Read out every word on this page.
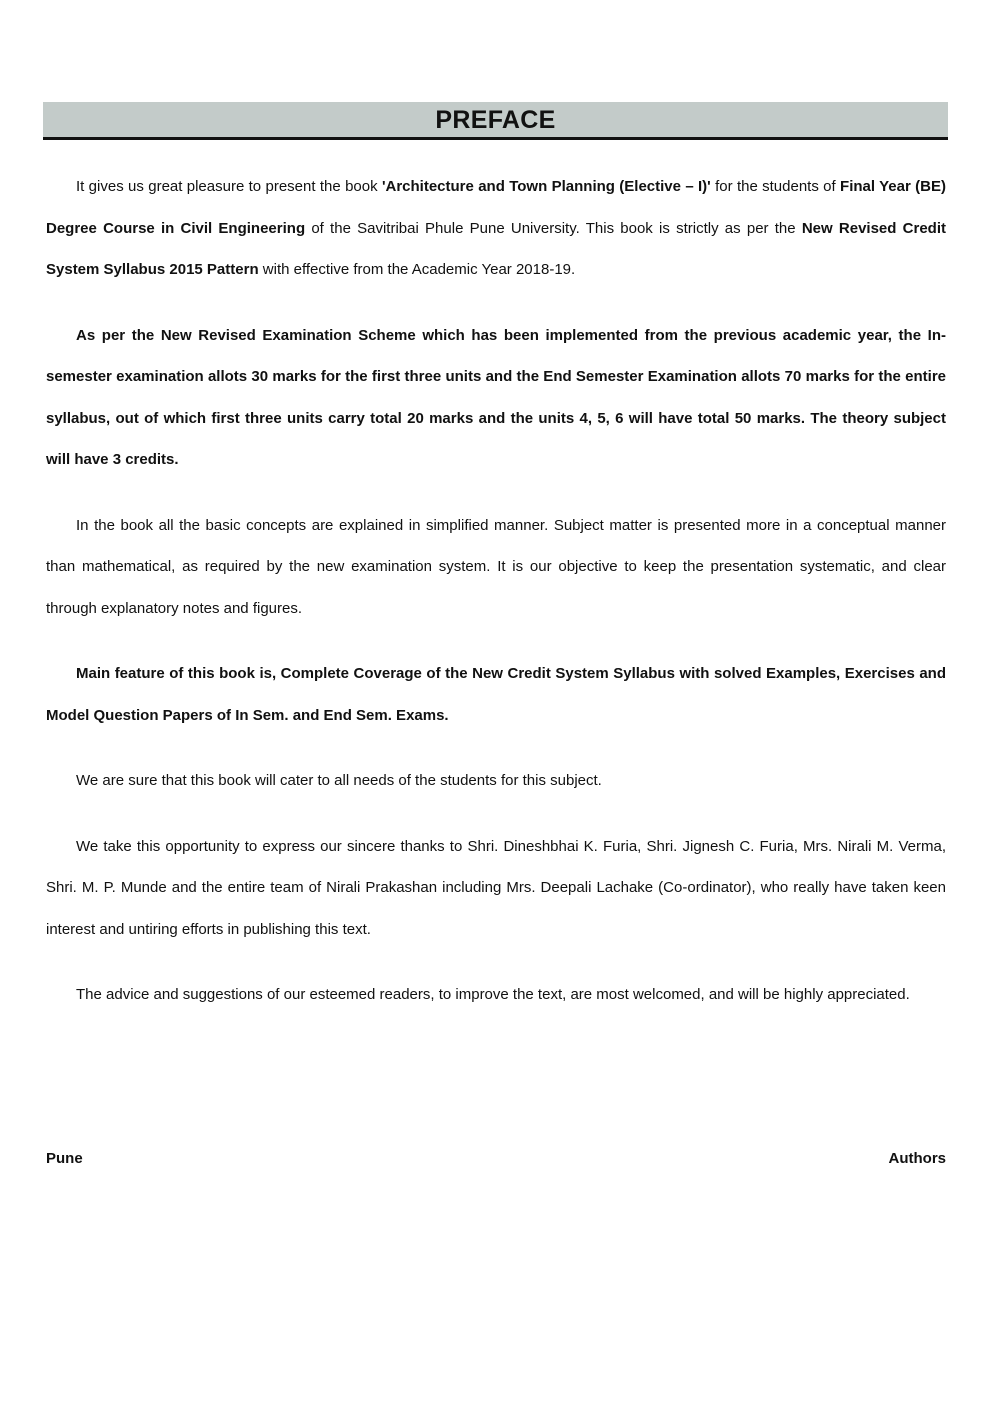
PREFACE

It gives us great pleasure to present the book 'Architecture and Town Planning (Elective – I)' for the students of Final Year (BE) Degree Course in Civil Engineering of the Savitribai Phule Pune University. This book is strictly as per the New Revised Credit System Syllabus 2015 Pattern with effective from the Academic Year 2018-19.

As per the New Revised Examination Scheme which has been implemented from the previous academic year, the In-semester examination allots 30 marks for the first three units and the End Semester Examination allots 70 marks for the entire syllabus, out of which first three units carry total 20 marks and the units 4, 5, 6 will have total 50 marks. The theory subject will have 3 credits.

In the book all the basic concepts are explained in simplified manner. Subject matter is presented more in a conceptual manner than mathematical, as required by the new examination system. It is our objective to keep the presentation systematic, and clear through explanatory notes and figures.

Main feature of this book is, Complete Coverage of the New Credit System Syllabus with solved Examples, Exercises and Model Question Papers of In Sem. and End Sem. Exams.

We are sure that this book will cater to all needs of the students for this subject.

We take this opportunity to express our sincere thanks to Shri. Dineshbhai K. Furia, Shri. Jignesh C. Furia, Mrs. Nirali M. Verma, Shri. M. P. Munde and the entire team of Nirali Prakashan including Mrs. Deepali Lachake (Co-ordinator), who really have taken keen interest and untiring efforts in publishing this text.

The advice and suggestions of our esteemed readers, to improve the text, are most welcomed, and will be highly appreciated.

Pune	Authors
